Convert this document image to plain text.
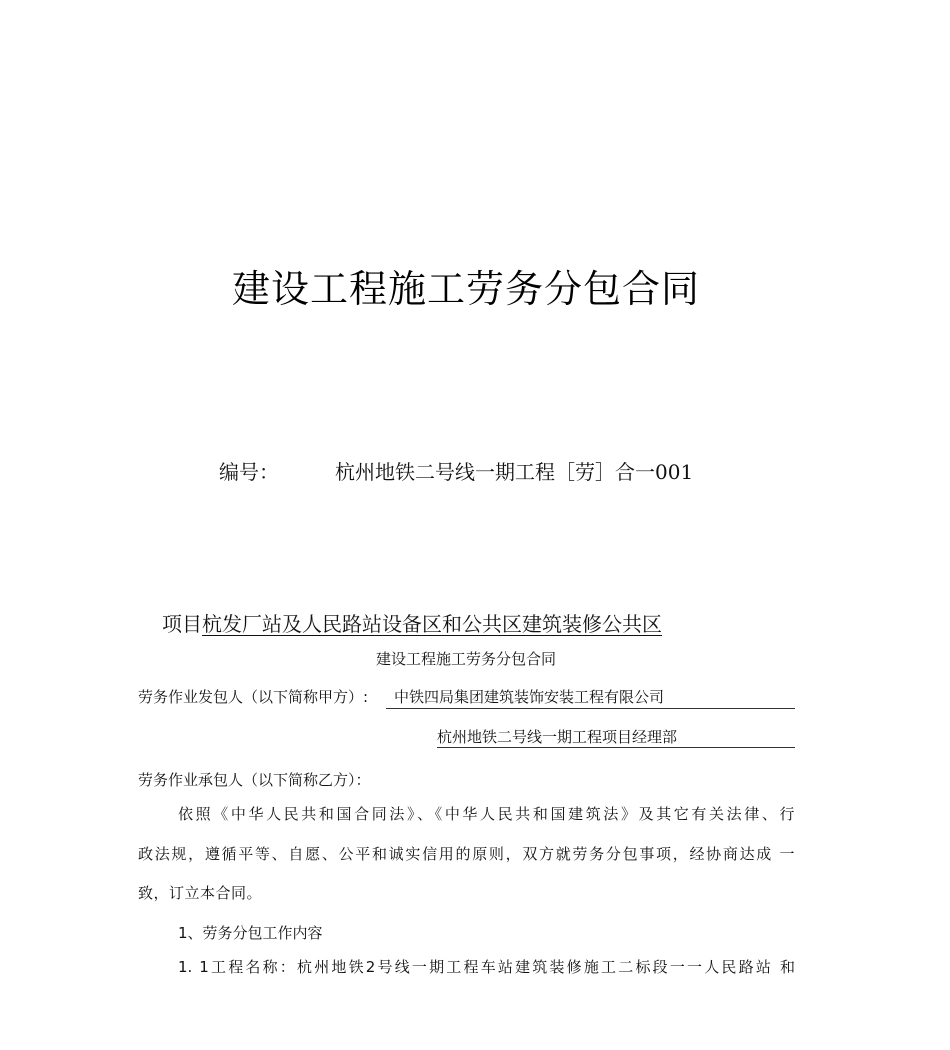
建设工程施工劳务分包合同
编号：	杭州地铁二号线一期工程［劳］合一001
项目杭发厂站及人民路站设备区和公共区建筑装修公共区
建设工程施工劳务分包合同
劳务作业发包人（以下简称甲方）: 中铁四局集团建筑装饰安装工程有限公司
杭州地铁二号线一期工程项目经理部
劳务作业承包人（以下简称乙方）：
依照《中华人民共和国合同法》、《中华人民共和国建筑法》及其它有关法律、行
政法规，遵循平等、自愿、公平和诚实信用的原则，双方就劳务分包事项，经协商达成 一
致，订立本合同。
1、劳务分包工作内容
1. 1工程名称：杭州地铁2号线一期工程车站建筑装修施工二标段一一人民路站 和
